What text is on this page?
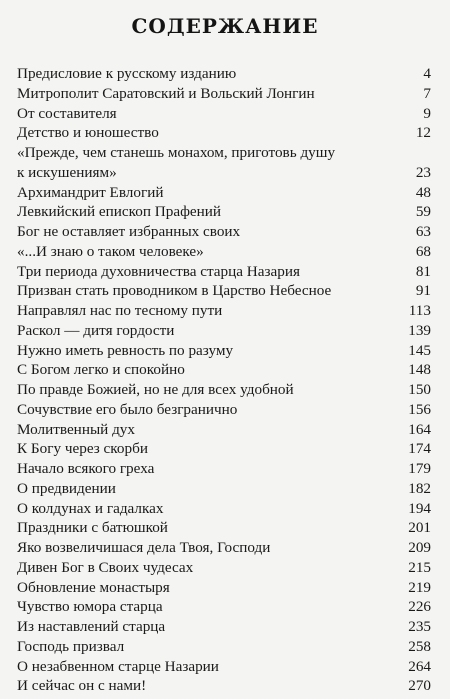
СОДЕРЖАНИЕ
Предисловие к русскому изданию	4
Митрополит Саратовский и Вольский Лонгин	7
От составителя	9
Детство и юношество	12
«Прежде, чем станешь монахом, приготовь душу
к искушениям»	23
Архимандрит Евлогий	48
Левкийский епископ Прафений	59
Бог не оставляет избранных своих	63
«...И знаю о таком человеке»	68
Три периода духовничества старца Назария	81
Призван стать проводником в Царство Небесное	91
Направлял нас по тесному пути	113
Раскол — дитя гордости	139
Нужно иметь ревность по разуму	145
С Богом легко и спокойно	148
По правде Божией, но не для всех удобной	150
Сочувствие его было безгранично	156
Молитвенный дух	164
К Богу через скорби	174
Начало всякого греха	179
О предвидении	182
О колдунах и гадалках	194
Праздники с батюшкой	201
Яко возвеличишася дела Твоя, Господи	209
Дивен Бог в Своих чудесах	215
Обновление монастыря	219
Чувство юмора старца	226
Из наставлений старца	235
Господь призвал	258
О незабвенном старце Назарии	264
И сейчас он с нами!	270
